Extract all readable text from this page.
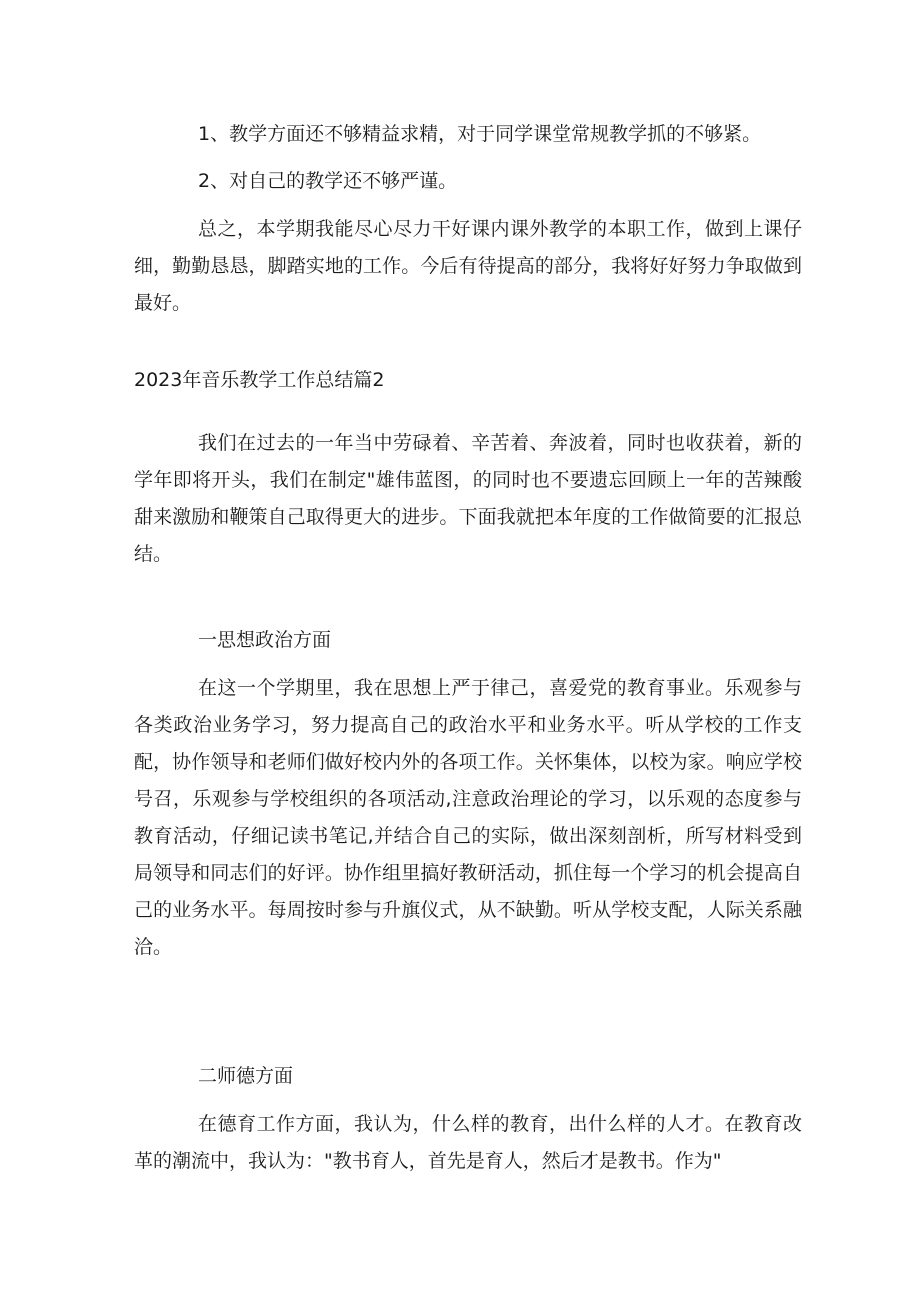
1、教学方面还不够精益求精，对于同学课堂常规教学抓的不够紧。

2、对自己的教学还不够严谨。

总之，本学期我能尽心尽力干好课内课外教学的本职工作，做到上课仔细，勤勤恳恳，脚踏实地的工作。今后有待提高的部分，我将好好努力争取做到最好。

2023年音乐教学工作总结篇2

我们在过去的一年当中劳碌着、辛苦着、奔波着，同时也收获着，新的学年即将开头，我们在制定"雄伟蓝图，的同时也不要遗忘回顾上一年的苦辣酸甜来激励和鞭策自己取得更大的进步。下面我就把本年度的工作做简要的汇报总结。

一思想政治方面

在这一个学期里，我在思想上严于律己，喜爱党的教育事业。乐观参与各类政治业务学习，努力提高自己的政治水平和业务水平。听从学校的工作支配，协作领导和老师们做好校内外的各项工作。关怀集体，以校为家。响应学校号召，乐观参与学校组织的各项活动,注意政治理论的学习，以乐观的态度参与教育活动，仔细记读书笔记,并结合自己的实际，做出深刻剖析，所写材料受到局领导和同志们的好评。协作组里搞好教研活动，抓住每一个学习的机会提高自己的业务水平。每周按时参与升旗仪式，从不缺勤。听从学校支配，人际关系融洽。

二师德方面

在德育工作方面，我认为，什么样的教育，出什么样的人才。在教育改革的潮流中，我认为："教书育人，首先是育人，然后才是教书。作为"
